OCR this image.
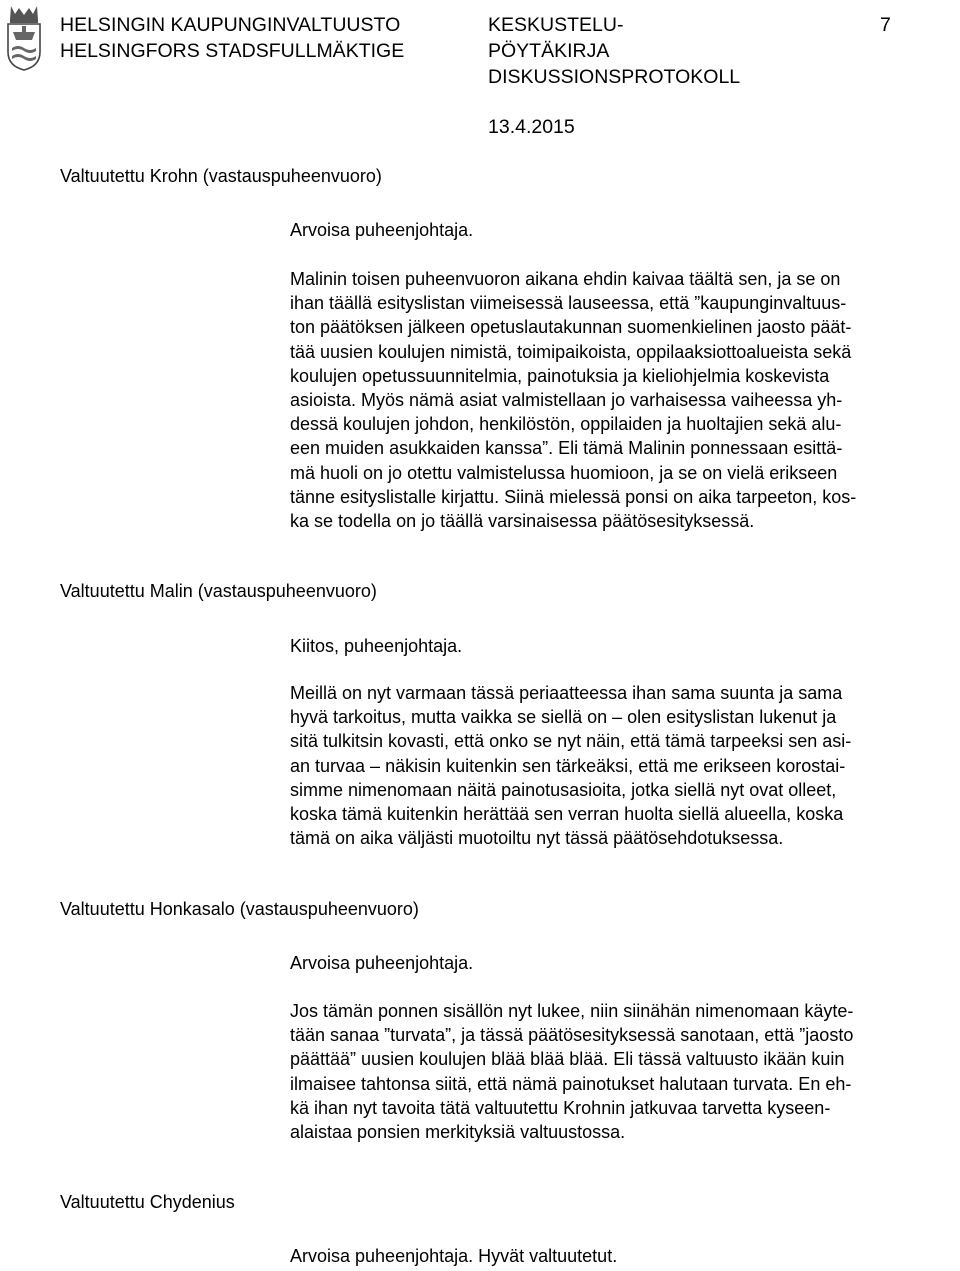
HELSINGIN KAUPUNGINVALTUUSTO
HELSINGFORS STADSFULLMÄKTIGE
KESKUSTELU-
PÖYTÄKIRJA
DISKUSSIONSPROTOKOLL
13.4.2015
7
Valtuutettu Krohn (vastauspuheenvuoro)
Arvoisa puheenjohtaja.
Malinin toisen puheenvuoron aikana ehdin kaivaa täältä sen, ja se on
ihan täällä esityslistan viimeisessä lauseessa, että ”kaupunginvaltuus-
ton päätöksen jälkeen opetuslautakunnan suomenkielinen jaosto päät-
tää uusien koulujen nimistä, toimipaikoista, oppilaaksiottoalueista sekä
koulujen opetussuunnitelmia, painotuksia ja kieliohjelmia koskevista
asioista. Myös nämä asiat valmistellaan jo varhaisessa vaiheessa yh-
dessä koulujen johdon, henkilöstön, oppilaiden ja huoltajien sekä alu-
een muiden asukkaiden kanssa”. Eli tämä Malinin ponnessaan esittä-
mä huoli on jo otettu valmistelussa huomioon, ja se on vielä erikseen
tänne esityslistalle kirjattu. Siinä mielessä ponsi on aika tarpeeton, kos-
ka se todella on jo täällä varsinaisessa päätösesityksessä.
Valtuutettu Malin (vastauspuheenvuoro)
Kiitos, puheenjohtaja.
Meillä on nyt varmaan tässä periaatteessa ihan sama suunta ja sama
hyvä tarkoitus, mutta vaikka se siellä on – olen esityslistan lukenut ja
sitä tulkitsin kovasti, että onko se nyt näin, että tämä tarpeeksi sen asi-
an turvaa – näkisin kuitenkin sen tärkeäksi, että me erikseen korostai-
simme nimenomaan näitä painotusasioita, jotka siellä nyt ovat olleet,
koska tämä kuitenkin herättää sen verran huolta siellä alueella, koska
tämä on aika väljästi muotoiltu nyt tässä päätösehdotuksessa.
Valtuutettu Honkasalo (vastauspuheenvuoro)
Arvoisa puheenjohtaja.
Jos tämän ponnen sisällön nyt lukee, niin siinähän nimenomaan käyte-
tään sanaa ”turvata”, ja tässä päätösesityksessä sanotaan, että ”jaosto
päättää” uusien koulujen blää blää blää. Eli tässä valtuusto ikään kuin
ilmaisee tahtonsa siitä, että nämä painotukset halutaan turvata. En eh-
kä ihan nyt tavoita tätä valtuutettu Krohnin jatkuvaa tarvetta kyseen-
alaistaa ponsien merkityksiä valtuustossa.
Valtuutettu Chydenius
Arvoisa puheenjohtaja. Hyvät valtuutetut.
